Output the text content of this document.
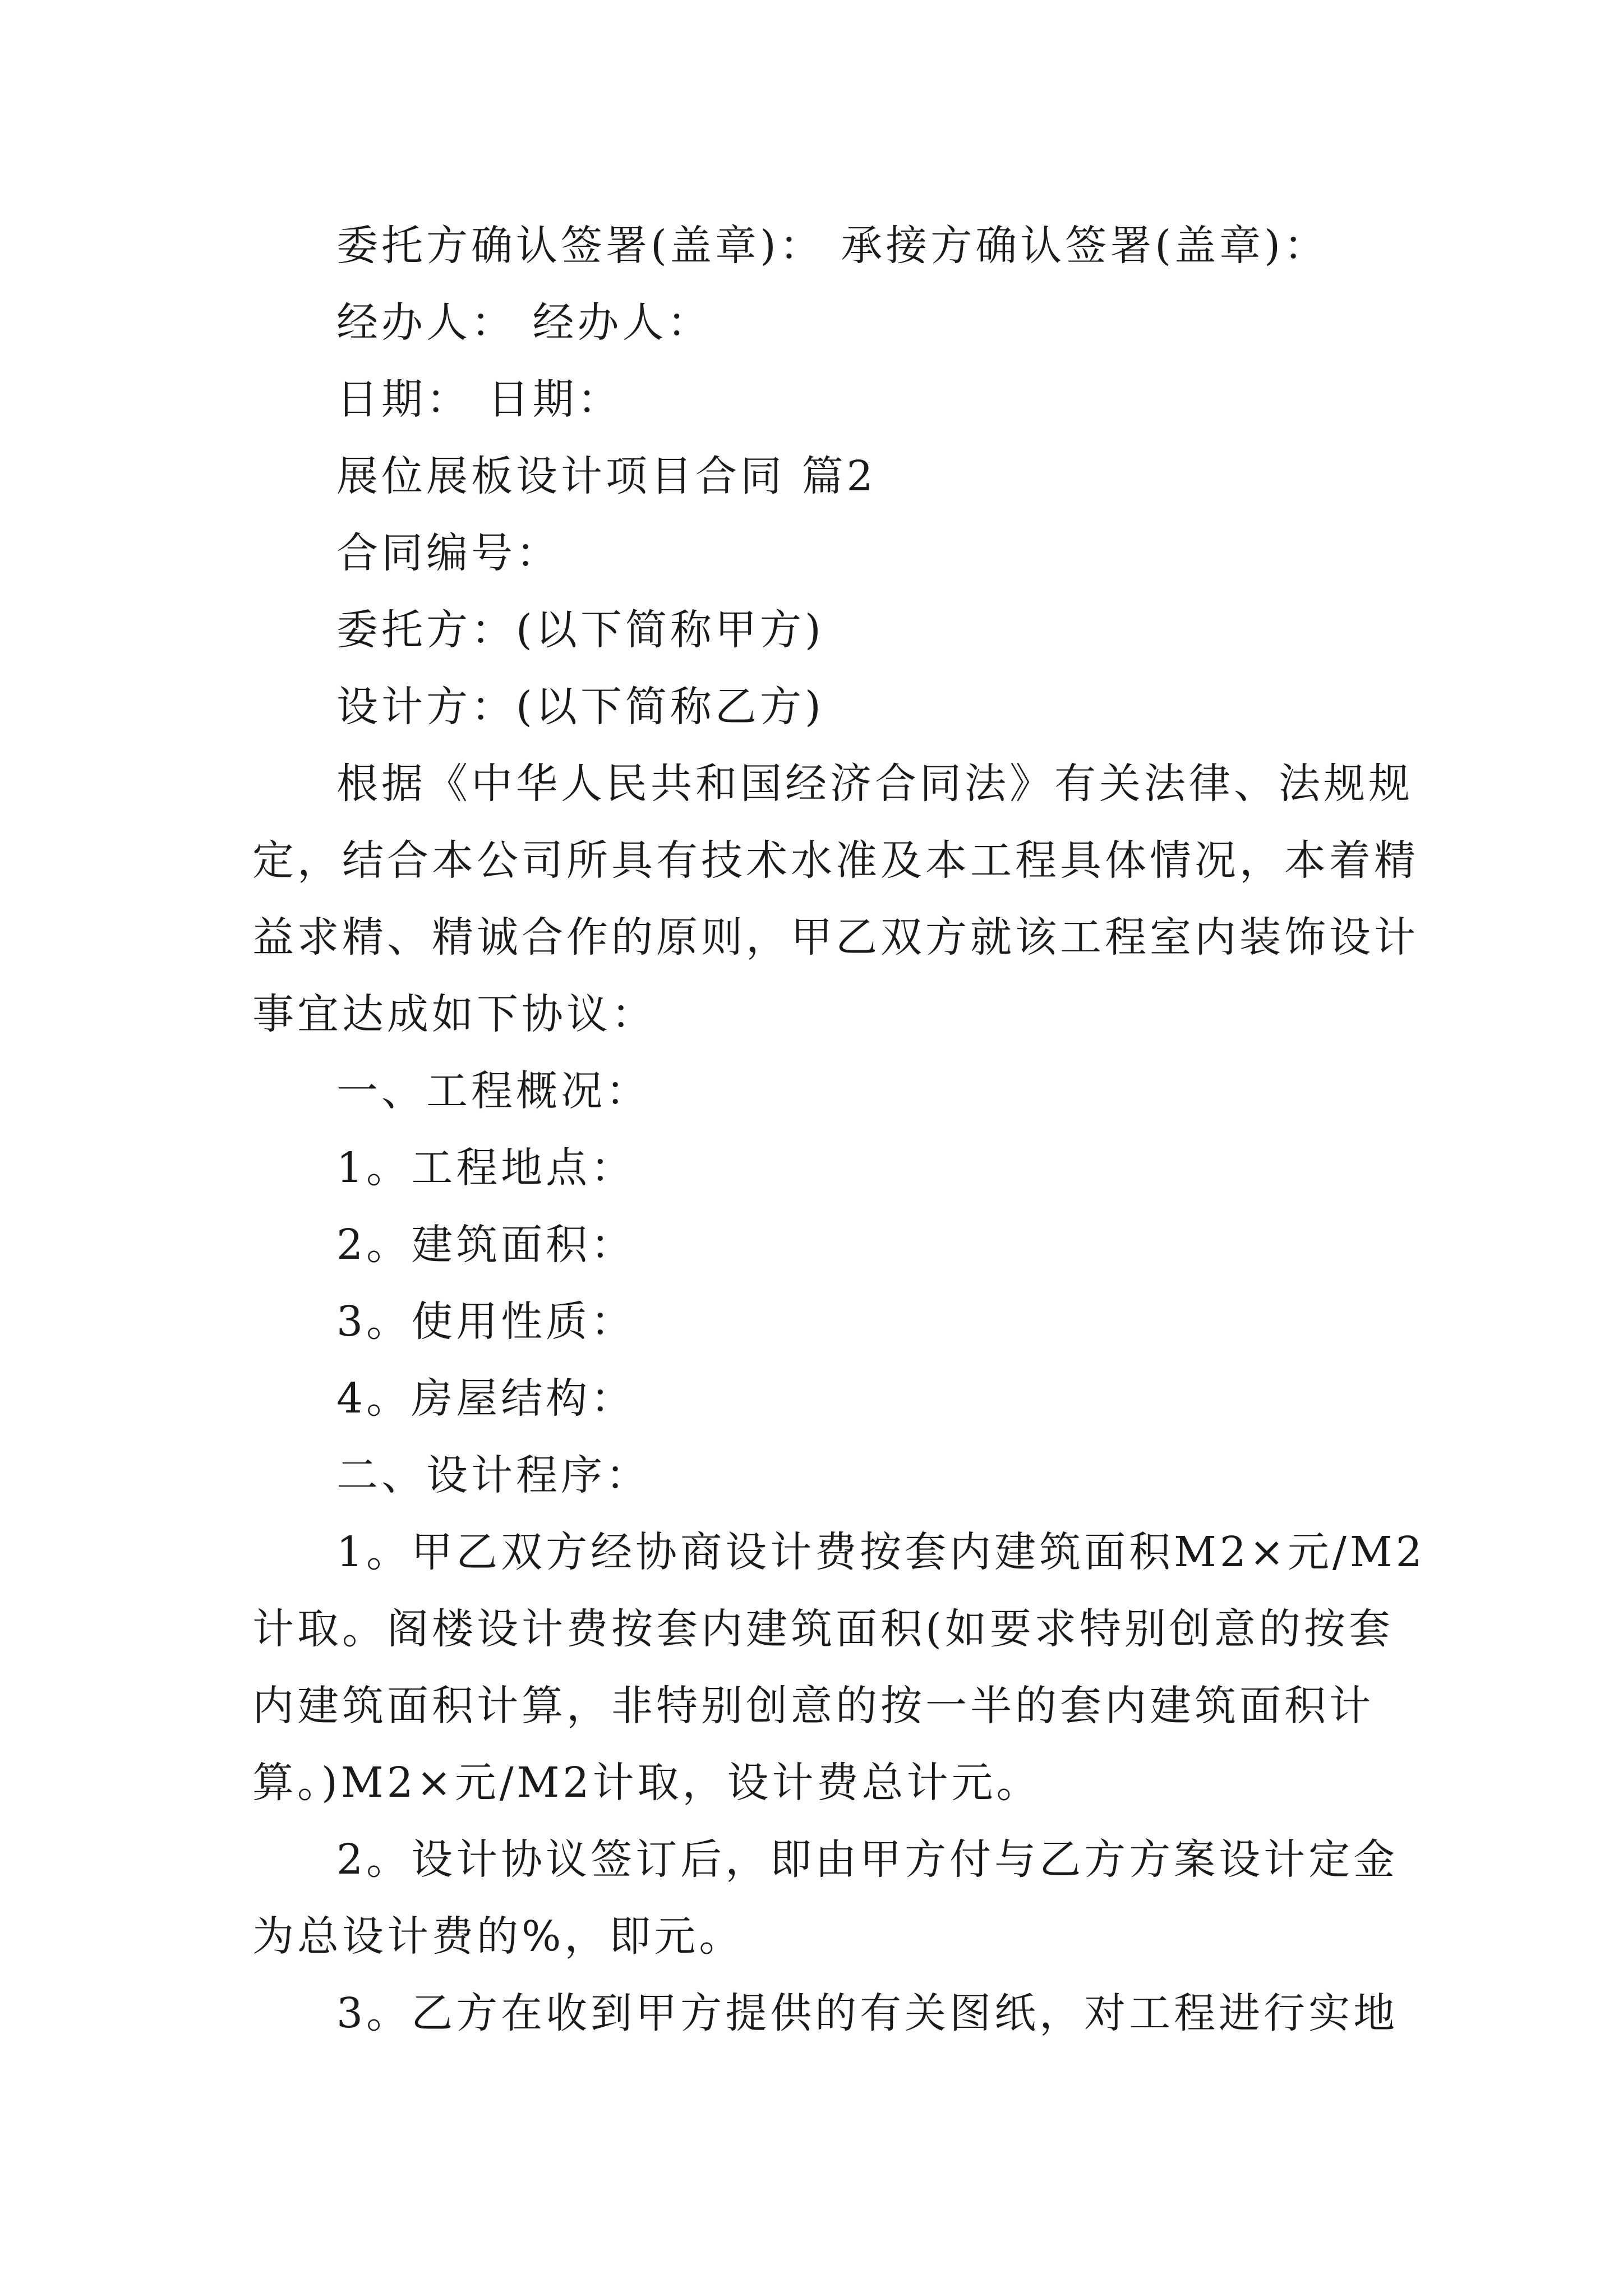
委托方确认签署(盖章)： 承接方确认签署(盖章)：
经办人： 经办人：
日期： 日期：
展位展板设计项目合同 篇2
合同编号：
委托方：(以下简称甲方)
设计方：(以下简称乙方)
根据《中华人民共和国经济合同法》有关法律、法规规
定，结合本公司所具有技术水准及本工程具体情况，本着精
益求精、精诚合作的原则，甲乙双方就该工程室内装饰设计
事宜达成如下协议：
一、工程概况：
1。工程地点：
2。建筑面积：
3。使用性质：
4。房屋结构：
二、设计程序：
1。甲乙双方经协商设计费按套内建筑面积M2×元/M2
计取。阁楼设计费按套内建筑面积(如要求特别创意的按套
内建筑面积计算，非特别创意的按一半的套内建筑面积计
算。)M2×元/M2计取，设计费总计元。
2。设计协议签订后，即由甲方付与乙方方案设计定金
为总设计费的%，即元。
3。乙方在收到甲方提供的有关图纸，对工程进行实地
